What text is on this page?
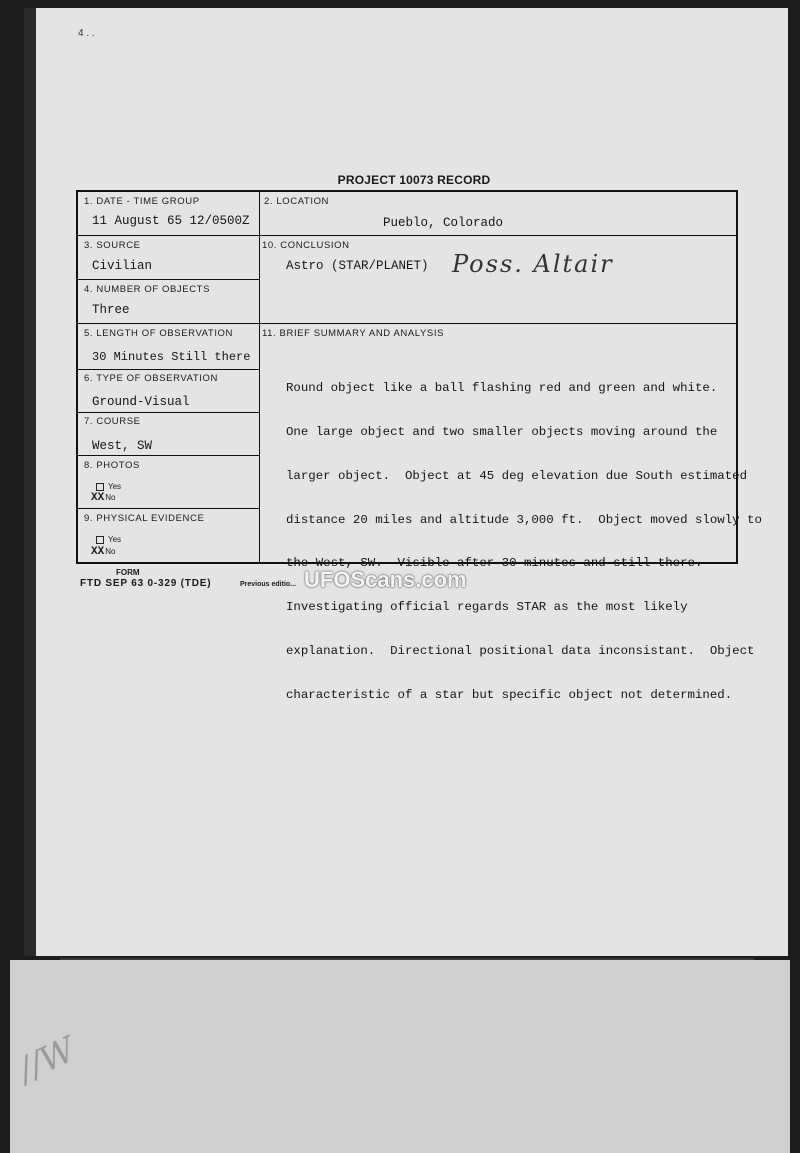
//W
4 . .
PROJECT 10073 RECORD
1. DATE - TIME GROUP
11 August 65 12/0500Z
2. LOCATION
Pueblo, Colorado
3. SOURCE
Civilian
10. CONCLUSION
Astro (STAR/PLANET) Poss. Altair
4. NUMBER OF OBJECTS
Three
5. LENGTH OF OBSERVATION
30 Minutes Still there
11. BRIEF SUMMARY AND ANALYSIS

Round object like a ball flashing red and green and white.

One large object and two smaller objects moving around the

larger object.  Object at 45 deg elevation due South estimated

distance 20 miles and altitude 3,000 ft.  Object moved slowly to

the West, SW.  Visible after 30 minutes and still there.

Investigating official regards STAR as the most likely

explanation.  Directional positional data inconsistant.  Object

characteristic of a star but specific object not determined.

6. TYPE OF OBSERVATION
Ground-Visual
7. COURSE
West, SW
8. PHOTOS
Yes
XXNo
9. PHYSICAL EVIDENCE
Yes
XXNo
FORM
FTD SEP 63 0-329 (TDE)	Previous editio... UFOScans.com
